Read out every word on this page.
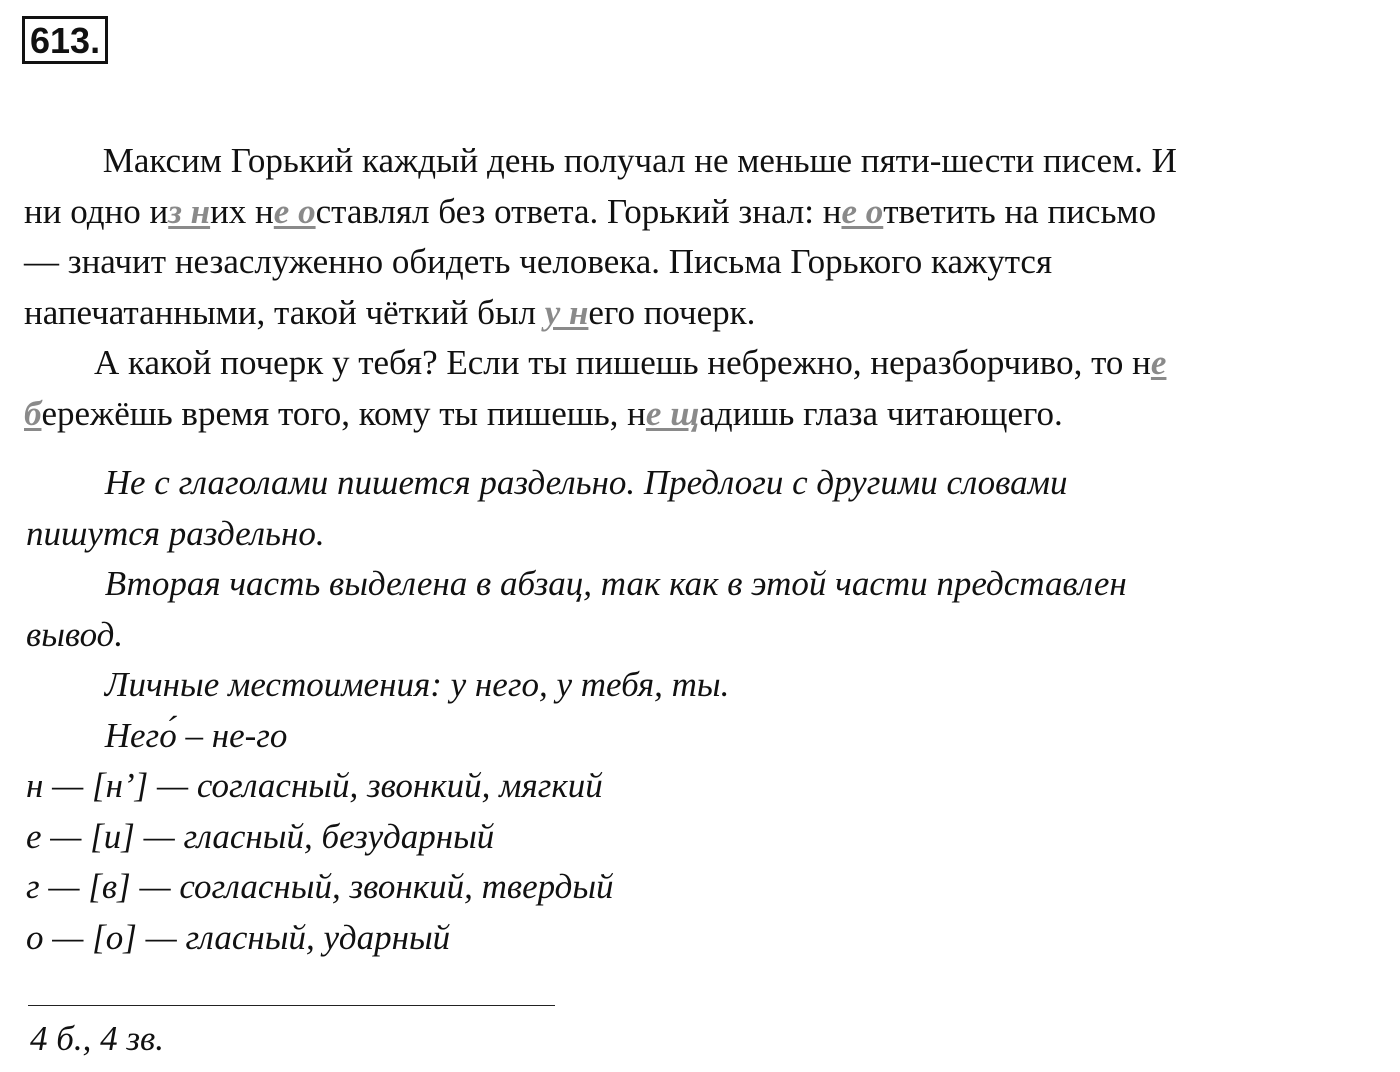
613.
Максим Горький каждый день получал не меньше пяти-шести писем. И
ни одно из них не оставлял без ответа. Горький знал: не ответить на письмо
— значит незаслуженно обидеть человека. Письма Горького кажутся
напечатанными, такой чёткий был у него почерк.
А какой почерк у тебя? Если ты пишешь небрежно, неразборчиво, то не
бережёшь время того, кому ты пишешь, не щадишь глаза читающего.
Не с глаголами пишется раздельно. Предлоги с другими словами
пишутся раздельно.
Вторая часть выделена в абзац, так как в этой части представлен
вывод.
Личные местоимения: у него, у тебя, ты.
Него́ – не-го
н — [н’] — согласный, звонкий, мягкий
е — [и] — гласный, безударный
г — [в] — согласный, звонкий, твердый
о — [о] — гласный, ударный
4 б., 4 зв.
